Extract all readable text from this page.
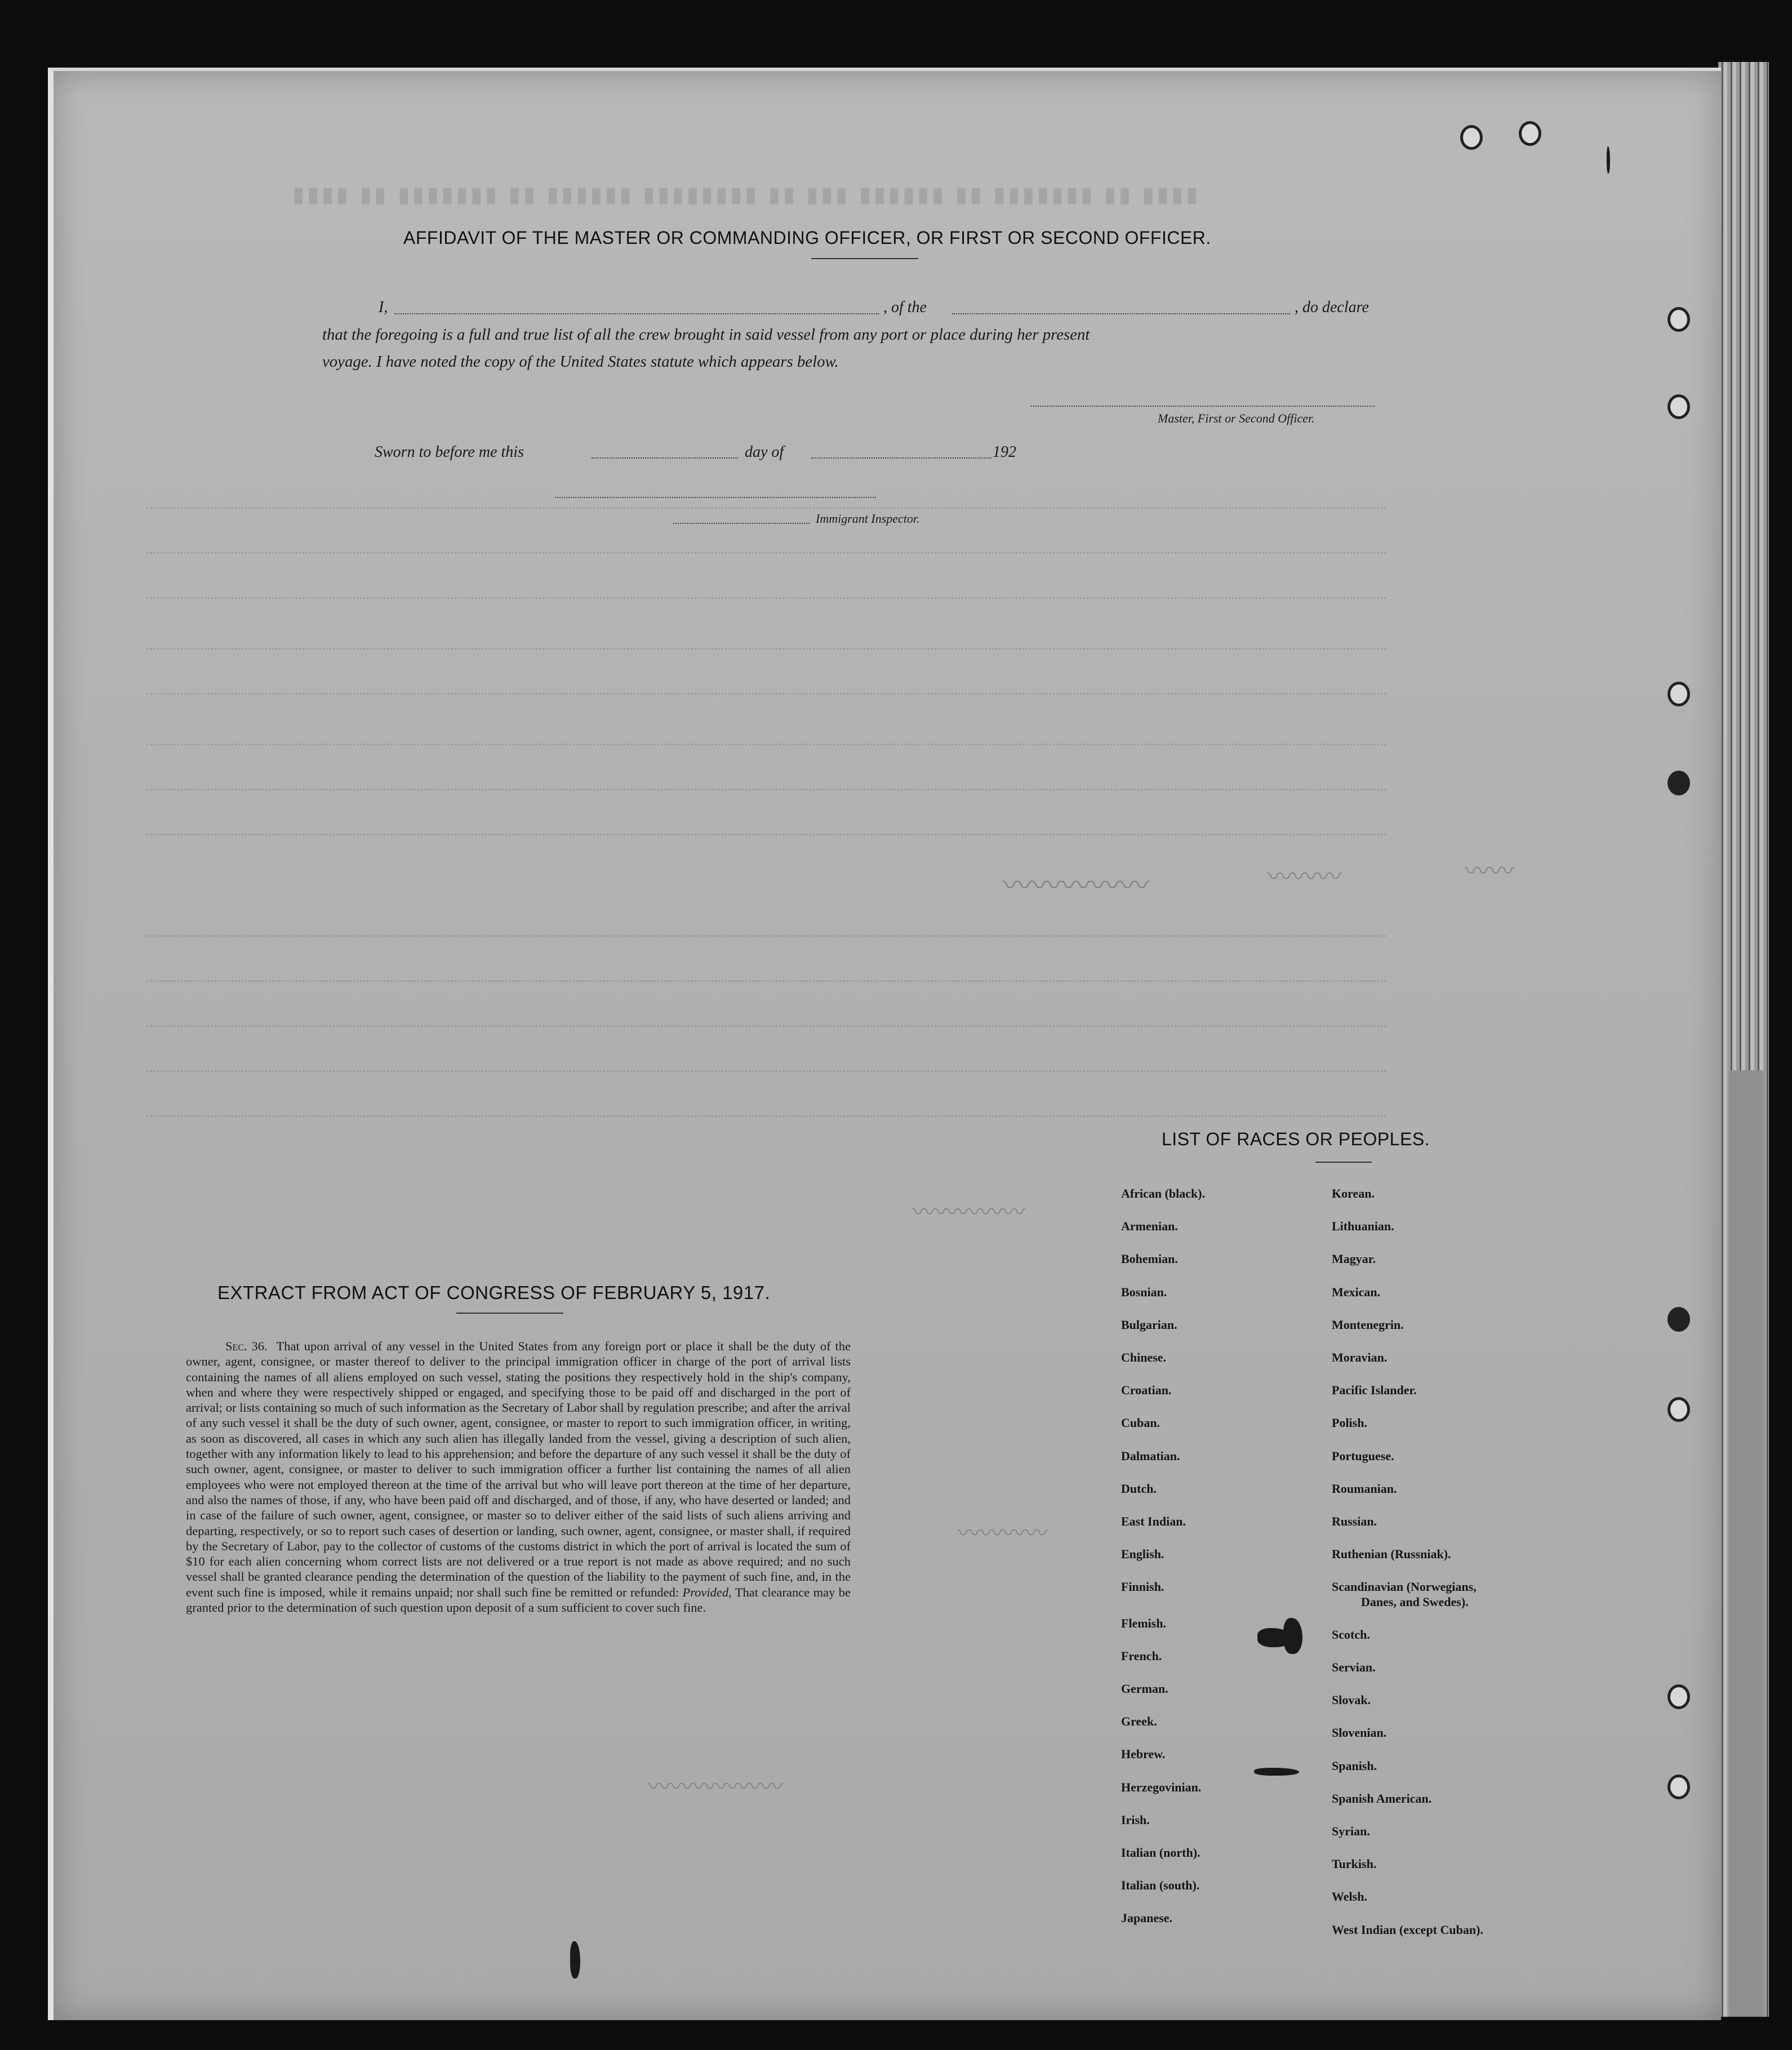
▮▮▮▮ ▮▮ ▮▮▮▮▮▮▮ ▮▮ ▮▮▮▮▮▮ ▮▮▮▮▮▮▮▮ ▮▮ ▮▮▮ ▮▮▮▮▮▮ ▮▮ ▮▮▮▮▮▮▮ ▮▮ ▮▮▮▮
〰〰〰〰〰	〰〰〰	〰〰
〰〰〰〰〰
〰〰〰〰
〰〰〰〰〰〰
AFFIDAVIT OF THE MASTER OR COMMANDING OFFICER, OR FIRST OR SECOND OFFICER.
I,	, of the	, do declare
that the foregoing is a full and true list of all the crew brought in said vessel from any port or place during her present
voyage. I have noted the copy of the United States statute which appears below.
Master, First or Second Officer.
Sworn to before me this	day of	192
Immigrant Inspector.
EXTRACT FROM ACT OF CONGRESS OF FEBRUARY 5, 1917.
Sec. 36. That upon arrival of any vessel in the United States from any foreign port or place it shall be the duty of the owner, agent, consignee, or master thereof to deliver to the principal immigration officer in charge of the port of arrival lists containing the names of all aliens employed on such vessel, stating the positions they respectively hold in the ship's company, when and where they were respectively shipped or engaged, and specifying those to be paid off and discharged in the port of arrival; or lists containing so much of such information as the Secretary of Labor shall by regulation prescribe; and after the arrival of any such vessel it shall be the duty of such owner, agent, consignee, or master to report to such immigration officer, in writing, as soon as discovered, all cases in which any such alien has illegally landed from the vessel, giving a description of such alien, together with any information likely to lead to his apprehension; and before the departure of any such vessel it shall be the duty of such owner, agent, consignee, or master to deliver to such immigration officer a further list containing the names of all alien employees who were not employed thereon at the time of the arrival but who will leave port thereon at the time of her departure, and also the names of those, if any, who have been paid off and discharged, and of those, if any, who have deserted or landed; and in case of the failure of such owner, agent, consignee, or master so to deliver either of the said lists of such aliens arriving and departing, respectively, or so to report such cases of desertion or landing, such owner, agent, consignee, or master shall, if required by the Secretary of Labor, pay to the collector of customs of the customs district in which the port of arrival is located the sum of $10 for each alien concerning whom correct lists are not delivered or a true report is not made as above required; and no such vessel shall be granted clearance pending the determination of the question of the liability to the payment of such fine, and, in the event such fine is imposed, while it remains unpaid; nor shall such fine be remitted or refunded: Provided, That clearance may be granted prior to the determination of such question upon deposit of a sum sufficient to cover such fine.
LIST OF RACES OR PEOPLES.
African (black).
Armenian.
Bohemian.
Bosnian.
Bulgarian.
Chinese.
Croatian.
Cuban.
Dalmatian.
Dutch.
East Indian.
English.
Finnish.
Flemish.
French.
German.
Greek.
Hebrew.
Herzegovinian.
Irish.
Italian (north).
Italian (south).
Japanese.
Korean.
Lithuanian.
Magyar.
Mexican.
Montenegrin.
Moravian.
Pacific Islander.
Polish.
Portuguese.
Roumanian.
Russian.
Ruthenian (Russniak).
Scandinavian (Norwegians,
Danes, and Swedes).
Scotch.
Servian.
Slovak.
Slovenian.
Spanish.
Spanish American.
Syrian.
Turkish.
Welsh.
West Indian (except Cuban).
